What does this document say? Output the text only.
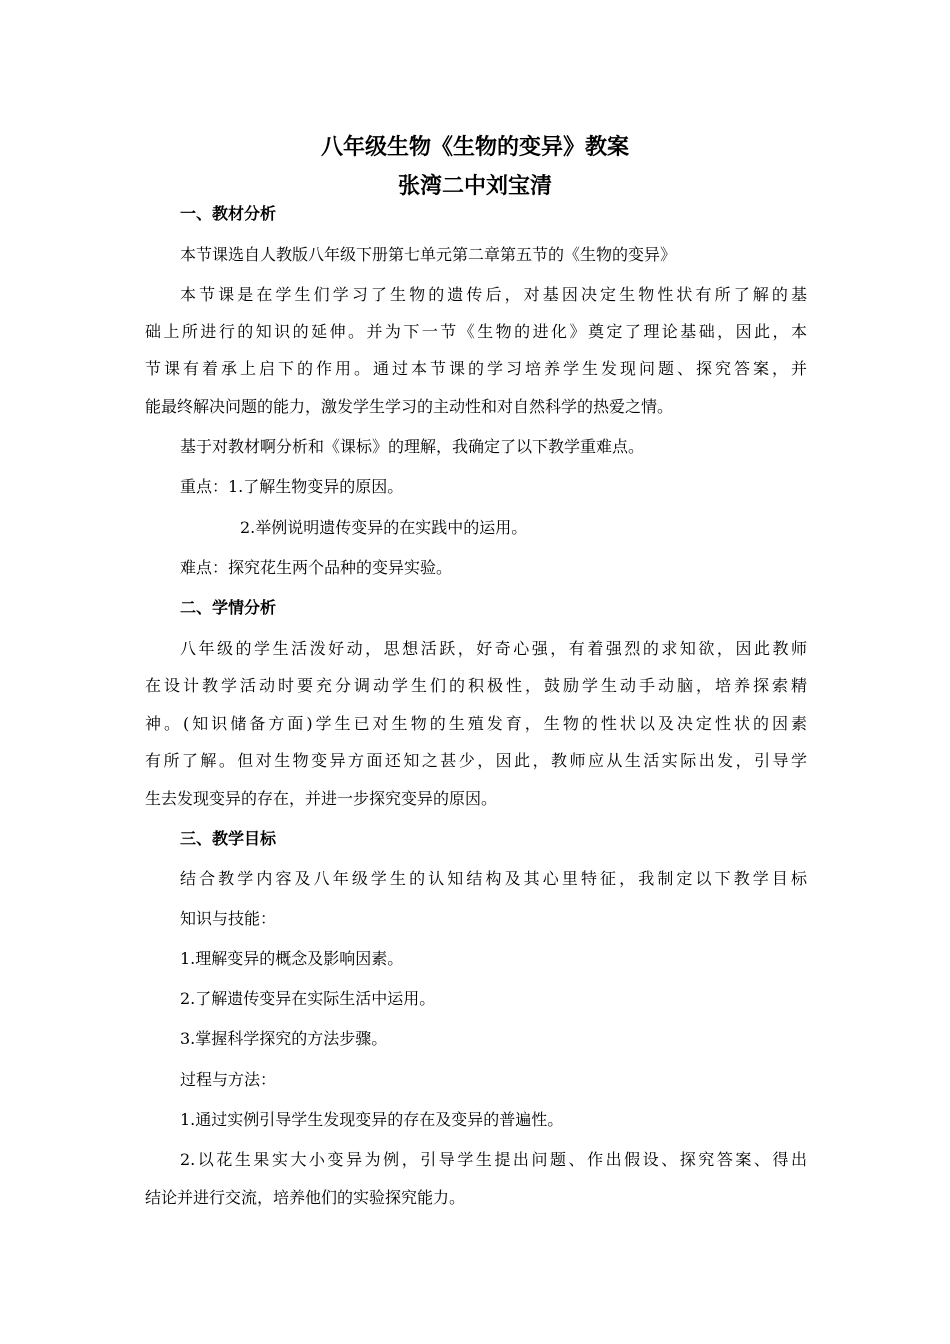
八年级生物《生物的变异》教案
张湾二中刘宝清
一、教材分析
本节课选自人教版八年级下册第七单元第二章第五节的《生物的变异》
本节课是在学生们学习了生物的遗传后，对基因决定生物性状有所了解的基
础上所进行的知识的延伸。并为下一节《生物的进化》奠定了理论基础，因此，本
节课有着承上启下的作用。通过本节课的学习培养学生发现问题、探究答案，并
能最终解决问题的能力，激发学生学习的主动性和对自然科学的热爱之情。
基于对教材啊分析和《课标》的理解，我确定了以下教学重难点。
重点：1.了解生物变异的原因。
2.举例说明遗传变异的在实践中的运用。
难点：探究花生两个品种的变异实验。
二、学情分析
八年级的学生活泼好动，思想活跃，好奇心强，有着强烈的求知欲，因此教师
在设计教学活动时要充分调动学生们的积极性，鼓励学生动手动脑，培养探索精
神。(知识储备方面)学生已对生物的生殖发育，生物的性状以及决定性状的因素
有所了解。但对生物变异方面还知之甚少，因此，教师应从生活实际出发，引导学
生去发现变异的存在，并进一步探究变异的原因。
三、教学目标
结合教学内容及八年级学生的认知结构及其心里特征，我制定以下教学目标
知识与技能：
1.理解变异的概念及影响因素。
2.了解遗传变异在实际生活中运用。
3.掌握科学探究的方法步骤。
过程与方法：
1.通过实例引导学生发现变异的存在及变异的普遍性。
2.以花生果实大小变异为例，引导学生提出问题、作出假设、探究答案、得出
结论并进行交流，培养他们的实验探究能力。
